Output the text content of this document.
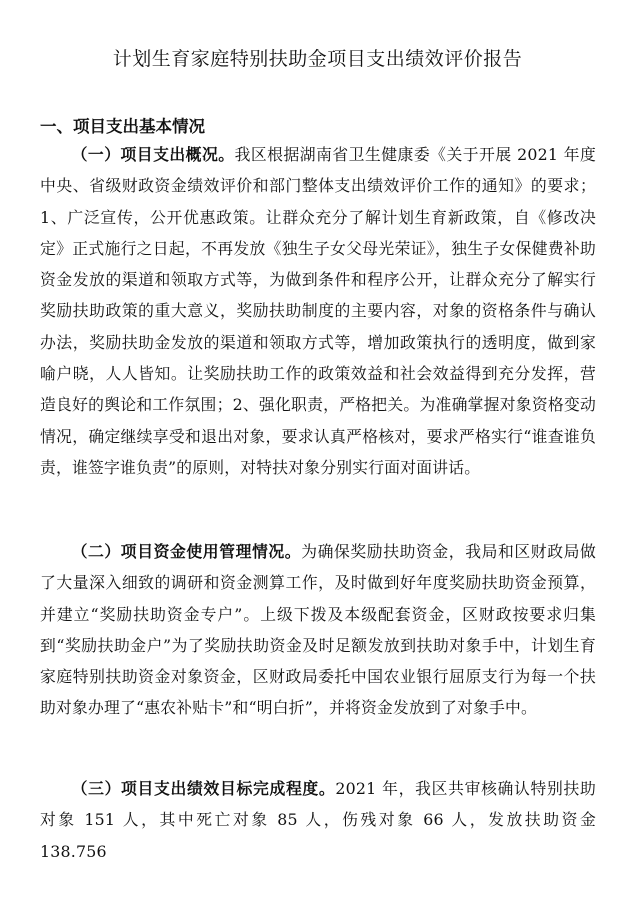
计划生育家庭特别扶助金项目支出绩效评价报告
一、项目支出基本情况

（一）项目支出概况。我区根据湖南省卫生健康委《关于开展 2021 年度中央、省级财政资金绩效评价和部门整体支出绩效评价工作的通知》的要求；1、广泛宣传，公开优惠政策。让群众充分了解计划生育新政策，自《修改决定》正式施行之日起，不再发放《独生子女父母光荣证》，独生子女保健费补助资金发放的渠道和领取方式等，为做到条件和程序公开，让群众充分了解实行奖励扶助政策的重大意义，奖励扶助制度的主要内容，对象的资格条件与确认办法，奖励扶助金发放的渠道和领取方式等，增加政策执行的透明度，做到家喻户晓，人人皆知。让奖励扶助工作的政策效益和社会效益得到充分发挥，营造良好的舆论和工作氛围；2、强化职责，严格把关。为准确掌握对象资格变动情况，确定继续享受和退出对象，要求认真严格核对，要求严格实行“谁查谁负责，谁签字谁负责”的原则，对特扶对象分别实行面对面讲话。

（二）项目资金使用管理情况。为确保奖励扶助资金，我局和区财政局做了大量深入细致的调研和资金测算工作，及时做到好年度奖励扶助资金预算，并建立“奖励扶助资金专户”。上级下拨及本级配套资金，区财政按要求归集到“奖励扶助金户”为了奖励扶助资金及时足额发放到扶助对象手中，计划生育家庭特别扶助资金对象资金，区财政局委托中国农业银行屈原支行为每一个扶助对象办理了“惠农补贴卡”和“明白折”，并将资金发放到了对象手中。

（三）项目支出绩效目标完成程度。2021 年，我区共审核确认特别扶助对象 151 人，其中死亡对象 85 人，伤残对象 66 人，发放扶助资金 138.756
